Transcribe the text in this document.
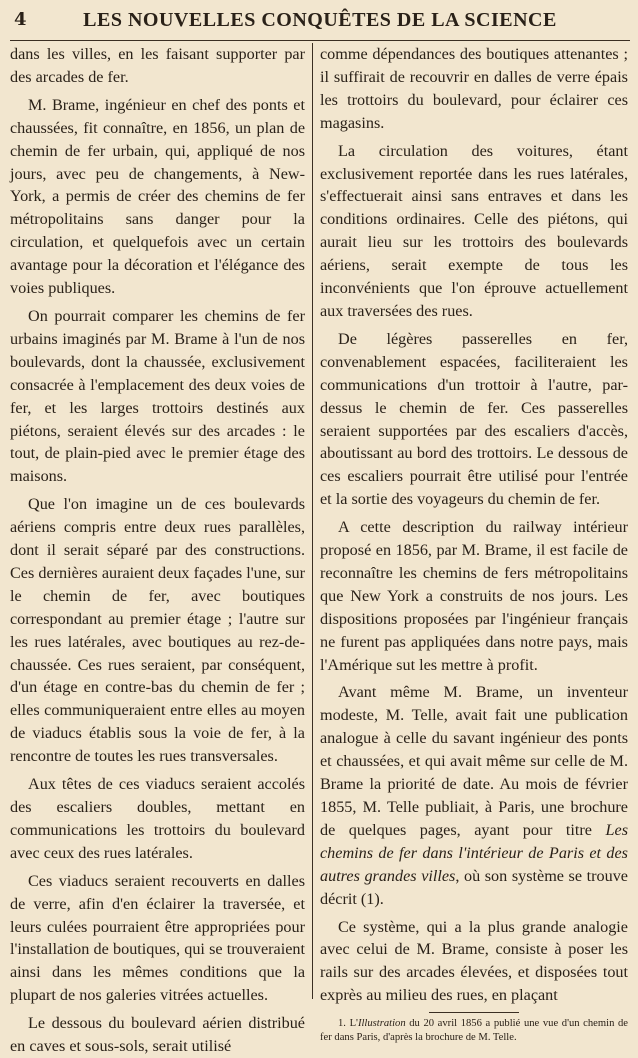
4	LES NOUVELLES CONQUÊTES DE LA SCIENCE

dans les villes, en les faisant supporter par des arcades de fer.

M. Brame, ingénieur en chef des ponts et chaussées, fit connaître, en 1856, un plan de chemin de fer urbain, qui, appliqué de nos jours, avec peu de changements, à New-York, a permis de créer des chemins de fer métropolitains sans danger pour la circulation, et quelquefois avec un certain avantage pour la décoration et l'élégance des voies publiques.

On pourrait comparer les chemins de fer urbains imaginés par M. Brame à l'un de nos boulevards, dont la chaussée, exclusivement consacrée à l'emplacement des deux voies de fer, et les larges trottoirs destinés aux piétons, seraient élevés sur des arcades : le tout, de plain-pied avec le premier étage des maisons.

Que l'on imagine un de ces boulevards aériens compris entre deux rues parallèles, dont il serait séparé par des constructions. Ces dernières auraient deux façades l'une, sur le chemin de fer, avec boutiques correspondant au premier étage ; l'autre sur les rues latérales, avec boutiques au rez-de-chaussée. Ces rues seraient, par conséquent, d'un étage en contre-bas du chemin de fer ; elles communiqueraient entre elles au moyen de viaducs établis sous la voie de fer, à la rencontre de toutes les rues transversales.

Aux têtes de ces viaducs seraient accolés des escaliers doubles, mettant en communications les trottoirs du boulevard avec ceux des rues latérales.

Ces viaducs seraient recouverts en dalles de verre, afin d'en éclairer la traversée, et leurs culées pourraient être appropriées pour l'installation de boutiques, qui se trouveraient ainsi dans les mêmes conditions que la plupart de nos galeries vitrées actuelles.

Le dessous du boulevard aérien distribué en caves et sous-sols, serait utilisé

comme dépendances des boutiques attenantes ; il suffirait de recouvrir en dalles de verre épais les trottoirs du boulevard, pour éclairer ces magasins.

La circulation des voitures, étant exclusivement reportée dans les rues latérales, s'effectuerait ainsi sans entraves et dans les conditions ordinaires. Celle des piétons, qui aurait lieu sur les trottoirs des boulevards aériens, serait exempte de tous les inconvénients que l'on éprouve actuellement aux traversées des rues.

De légères passerelles en fer, convenablement espacées, faciliteraient les communications d'un trottoir à l'autre, par-dessus le chemin de fer. Ces passerelles seraient supportées par des escaliers d'accès, aboutissant au bord des trottoirs. Le dessous de ces escaliers pourrait être utilisé pour l'entrée et la sortie des voyageurs du chemin de fer.

A cette description du railway intérieur proposé en 1856, par M. Brame, il est facile de reconnaître les chemins de fers métropolitains que New York a construits de nos jours. Les dispositions proposées par l'ingénieur français ne furent pas appliquées dans notre pays, mais l'Amérique sut les mettre à profit.

Avant même M. Brame, un inventeur modeste, M. Telle, avait fait une publication analogue à celle du savant ingénieur des ponts et chaussées, et qui avait même sur celle de M. Brame la priorité de date. Au mois de février 1855, M. Telle publiait, à Paris, une brochure de quelques pages, ayant pour titre Les chemins de fer dans l'intérieur de Paris et des autres grandes villes, où son système se trouve décrit (1).

Ce système, qui a la plus grande analogie avec celui de M. Brame, consiste à poser les rails sur des arcades élevées, et disposées tout exprès au milieu des rues, en plaçant

1. L'Illustration du 20 avril 1856 a publié une vue d'un chemin de fer dans Paris, d'après la brochure de M. Telle.
